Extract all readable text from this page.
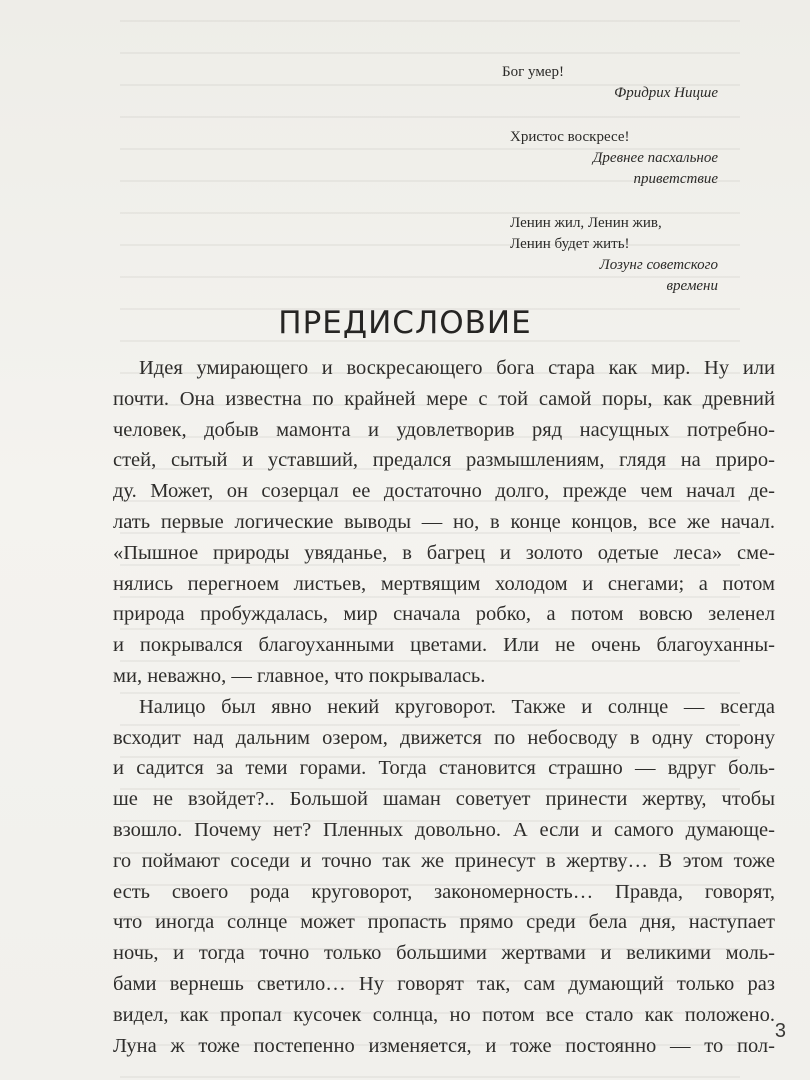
Бог умер!
Фридрих Ницше
Христос воскресе!
Древнее пасхальное
приветствие
Ленин жил, Ленин жив,
Ленин будет жить!
Лозунг советского
времени
ПРЕДИСЛОВИЕ
Идея умирающего и воскресающего бога стара как мир. Ну или
почти. Она известна по крайней мере с той самой поры, как древний
человек, добыв мамонта и удовлетворив ряд насущных потребно-
стей, сытый и уставший, предался размышлениям, глядя на приро-
ду. Может, он созерцал ее достаточно долго, прежде чем начал де-
лать первые логические выводы — но, в конце концов, все же начал.
«Пышное природы увяданье, в багрец и золото одетые леса» сме-
нялись перегноем листьев, мертвящим холодом и снегами; а потом
природа пробуждалась, мир сначала робко, а потом вовсю зеленел
и покрывался благоуханными цветами. Или не очень благоуханны-
ми, неважно, — главное, что покрывалась.
Налицо был явно некий круговорот. Также и солнце — всегда
всходит над дальним озером, движется по небосводу в одну сторону
и садится за теми горами. Тогда становится страшно — вдруг боль-
ше не взойдет?.. Большой шаман советует принести жертву, чтобы
взошло. Почему нет? Пленных довольно. А если и самого думающе-
го поймают соседи и точно так же принесут в жертву… В этом тоже
есть своего рода круговорот, закономерность… Правда, говорят,
что иногда солнце может пропасть прямо среди бела дня, наступает
ночь, и тогда точно только большими жертвами и великими моль-
бами вернешь светило… Ну говорят так, сам думающий только раз
видел, как пропал кусочек солнца, но потом все стало как положено.
Луна ж тоже постепенно изменяется, и тоже постоянно — то пол-
3
